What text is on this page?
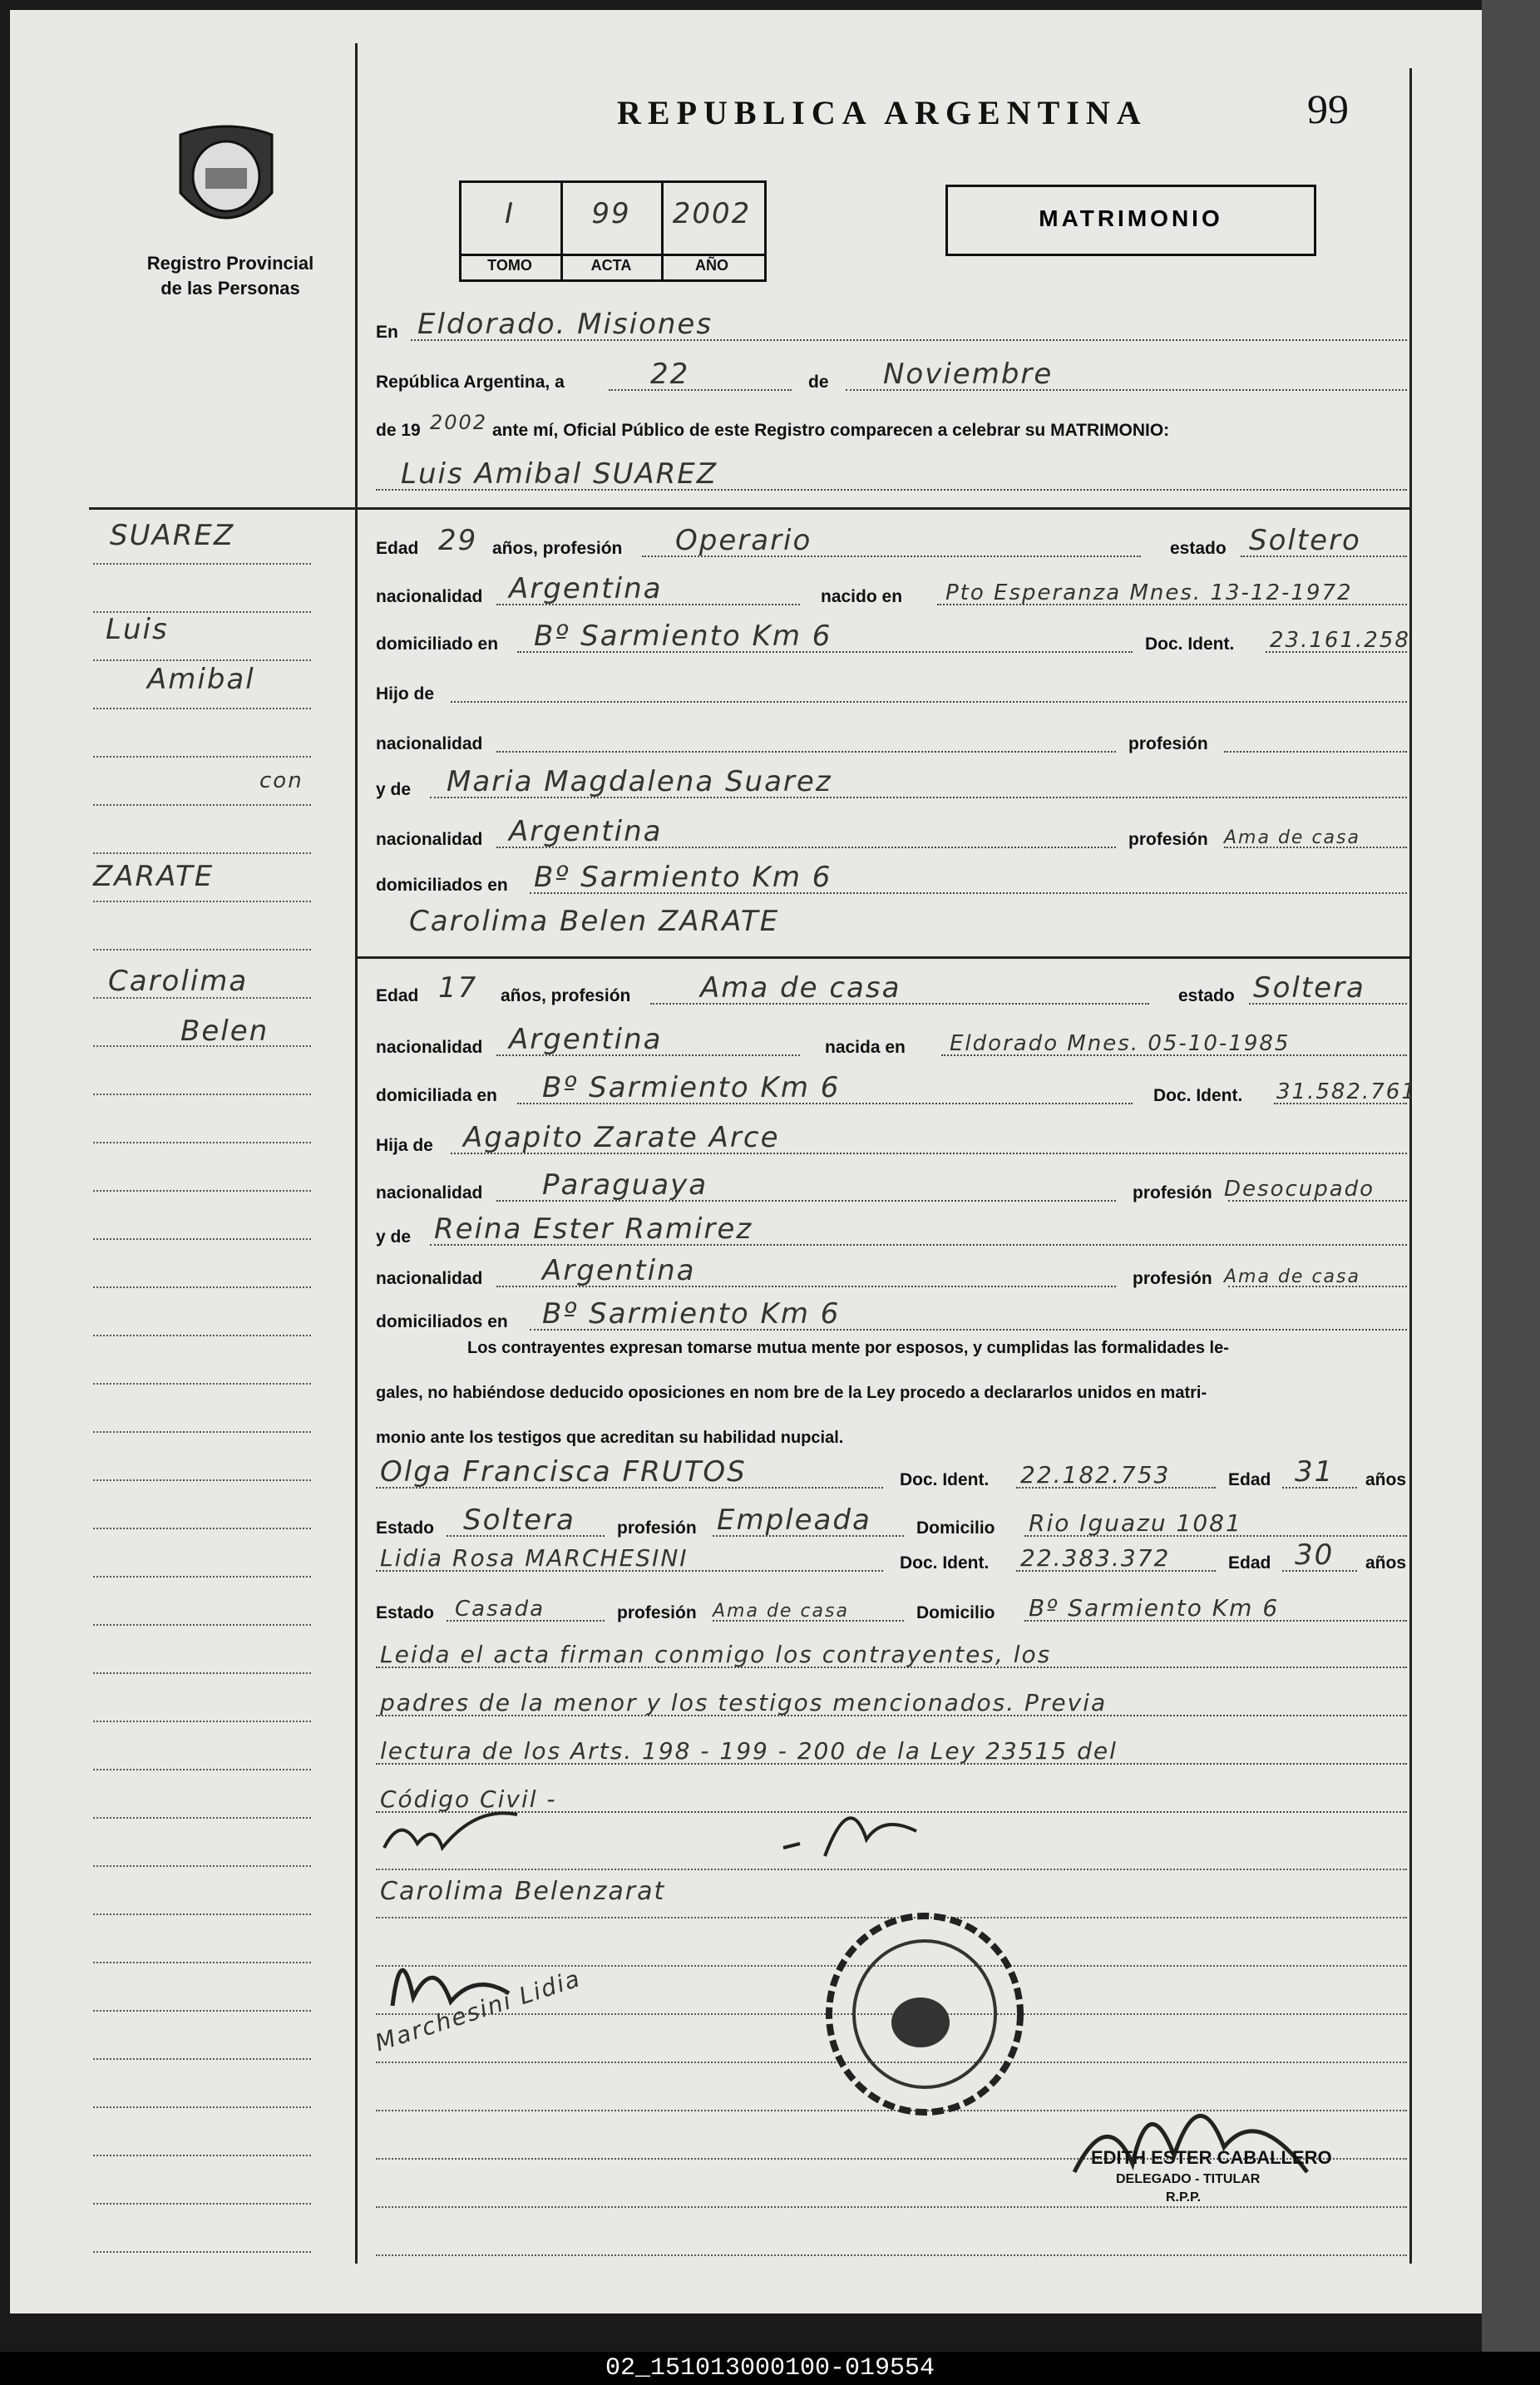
Registro Provincial
de las Personas
SUAREZ
Luis
Amibal
con
ZARATE
Carolima
Belen
REPUBLICA ARGENTINA	99
I	99	2002
TOMO	ACTA	AÑO
MATRIMONIO
En Eldorado. Misiones
República Argentina, a	22	de Noviembre
de 19 2002 ante mí, Oficial Público de este Registro comparecen a celebrar su MATRIMONIO:
Luis Amibal SUAREZ
Edad 29 años, profesión Operario	estado Soltero
nacionalidad Argentina	nacido en Pto Esperanza Mnes. 13-12-1972
domiciliado en Bº Sarmiento Km 6	Doc. Ident. 23.161.258
Hijo de
nacionalidad	profesión
y de Maria Magdalena Suarez
nacionalidad Argentina	profesión Ama de casa
domiciliados en Bº Sarmiento Km 6
Carolima Belen ZARATE
Edad 17 años, profesión Ama de casa	estado Soltera
nacionalidad Argentina	nacida en Eldorado Mnes. 05-10-1985
domiciliada en Bº Sarmiento Km 6	Doc. Ident. 31.582.761
Hija de Agapito Zarate Arce
nacionalidad Paraguaya	profesión Desocupado
y de Reina Ester Ramirez
nacionalidad Argentina	profesión Ama de casa
domiciliados en Bº Sarmiento Km 6
Los contrayentes expresan tomarse mutua mente por esposos, y cumplidas las formalidades le-
gales, no habiéndose deducido oposiciones en nom bre de la Ley procedo a declararlos unidos en matri-
monio ante los testigos que acreditan su habilidad nupcial.
Olga Francisca FRUTOS	Doc. Ident. 22.182.753	Edad 31 años
Estado Soltera profesión Empleada	Domicilio Rio Iguazu 1081
Lidia Rosa MARCHESINI	Doc. Ident. 22.383.372	Edad 30 años
Estado Casada	profesión Ama de casa	Domicilio Bº Sarmiento Km 6
Leida el acta firman conmigo los contrayentes, los
padres de la menor y los testigos mencionados. Previa
lectura de los Arts. 198 - 199 - 200 de la Ley 23515 del
Código Civil -
Carolima Belenzarat
Marchesini Lidia
EDITH ESTER CABALLERO
DELEGADO - TITULAR
R.P.P.
02_151013000100-019554
